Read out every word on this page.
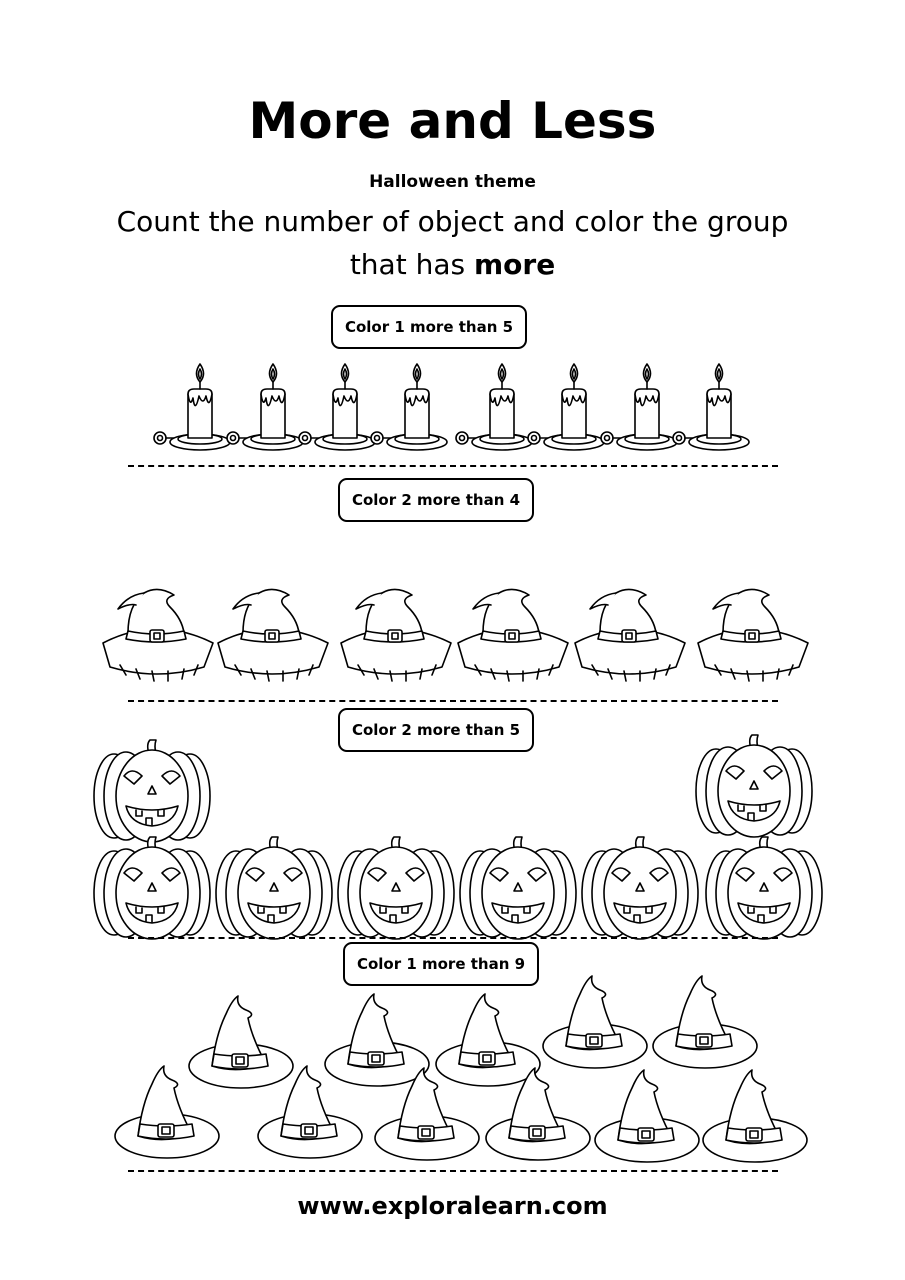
More and Less
Halloween theme
Count the number of object and color the group
that has more
Color 1 more than 5
Color 2 more than 4
Color 2 more than 5
Color 1 more than 9
www.exploralearn.com
